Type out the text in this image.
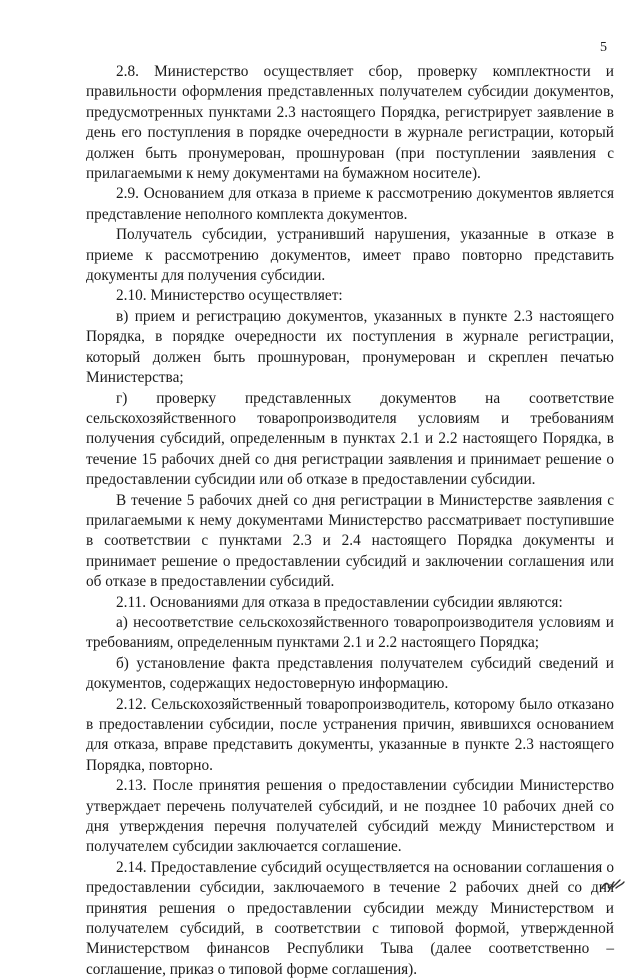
5

2.8. Министерство осуществляет сбор, проверку комплектности и правильности оформления представленных получателем субсидии документов, предусмотренных пунктами 2.3 настоящего Порядка, регистрирует заявление в день его поступления в порядке очередности в журнале регистрации, который должен быть пронумерован, прошнурован (при поступлении заявления с прилагаемыми к нему документами на бумажном носителе).

2.9. Основанием для отказа в приеме к рассмотрению документов является представление неполного комплекта документов.

Получатель субсидии, устранивший нарушения, указанные в отказе в приеме к рассмотрению документов, имеет право повторно представить документы для получения субсидии.

2.10. Министерство осуществляет:

в) прием и регистрацию документов, указанных в пункте 2.3 настоящего Порядка, в порядке очередности их поступления в журнале регистрации, который должен быть прошнурован, пронумерован и скреплен печатью Министерства;

г) проверку представленных документов на соответствие сельскохозяйственного товаропроизводителя условиям и требованиям получения субсидий, определенным в пунктах 2.1 и 2.2 настоящего Порядка, в течение 15 рабочих дней со дня регистрации заявления и принимает решение о предоставлении субсидии или об отказе в предоставлении субсидии.

В течение 5 рабочих дней со дня регистрации в Министерстве заявления с прилагаемыми к нему документами Министерство рассматривает поступившие в соответствии с пунктами 2.3 и 2.4 настоящего Порядка документы и принимает решение о предоставлении субсидий и заключении соглашения или об отказе в предоставлении субсидий.

2.11. Основаниями для отказа в предоставлении субсидии являются:

а) несоответствие сельскохозяйственного товаропроизводителя условиям и требованиям, определенным пунктами 2.1 и 2.2 настоящего Порядка;

б) установление факта представления получателем субсидий сведений и документов, содержащих недостоверную информацию.

2.12. Сельскохозяйственный товаропроизводитель, которому было отказано в предоставлении субсидии, после устранения причин, явившихся основанием для отказа, вправе представить документы, указанные в пункте 2.3 настоящего Порядка, повторно.

2.13. После принятия решения о предоставлении субсидии Министерство утверждает перечень получателей субсидий, и не позднее 10 рабочих дней со дня утверждения перечня получателей субсидий между Министерством и получателем субсидии заключается соглашение.

2.14. Предоставление субсидий осуществляется на основании соглашения о предоставлении субсидии, заключаемого в течение 2 рабочих дней со дня принятия решения о предоставлении субсидии между Министерством и получателем субсидий, в соответствии с типовой формой, утвержденной Министерством финансов Республики Тыва (далее соответственно – соглашение, приказ о типовой форме соглашения).
